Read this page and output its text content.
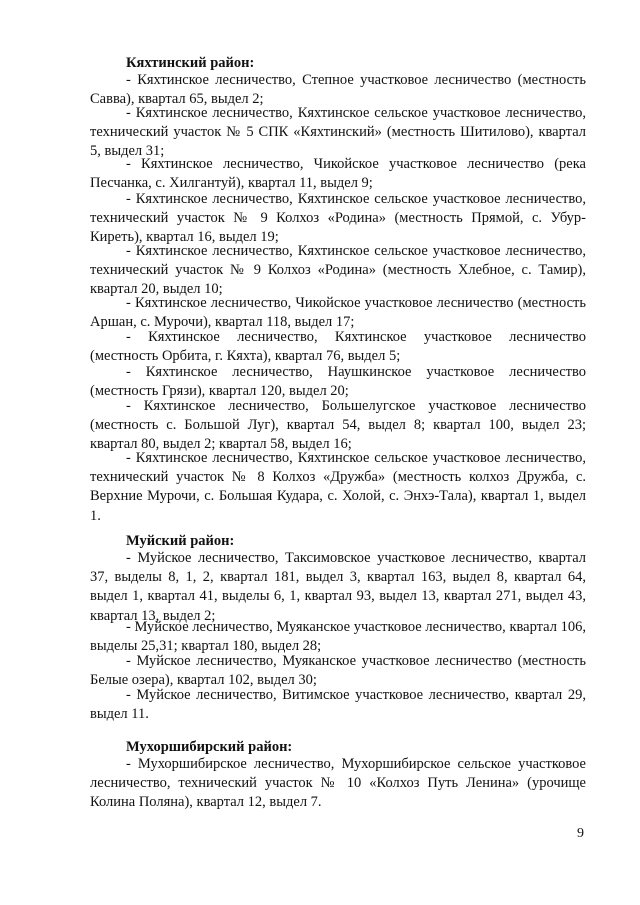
Кяхтинский район:
- Кяхтинское лесничество, Степное участковое лесничество (местность Савва), квартал 65, выдел 2;
- Кяхтинское лесничество, Кяхтинское сельское участковое лесничество, технический участок № 5 СПК «Кяхтинский» (местность Шитилово), квартал 5, выдел 31;
- Кяхтинское лесничество, Чикойское участковое лесничество (река Песчанка, с. Хилгантуй), квартал 11, выдел 9;
- Кяхтинское лесничество, Кяхтинское сельское участковое лесничество, технический участок № 9 Колхоз «Родина» (местность Прямой, с. Убур-Киреть), квартал 16, выдел 19;
- Кяхтинское лесничество, Кяхтинское сельское участковое лесничество, технический участок № 9 Колхоз «Родина» (местность Хлебное, с. Тамир), квартал 20, выдел 10;
- Кяхтинское лесничество, Чикойское участковое лесничество (местность Аршан, с. Мурочи), квартал 118, выдел 17;
- Кяхтинское лесничество, Кяхтинское участковое лесничество (местность Орбита, г. Кяхта), квартал 76, выдел 5;
- Кяхтинское лесничество, Наушкинское участковое лесничество (местность Грязи), квартал 120, выдел 20;
- Кяхтинское лесничество, Большелугское участковое лесничество (местность с. Большой Луг), квартал 54, выдел 8; квартал 100, выдел 23; квартал 80, выдел 2; квартал 58, выдел 16;
- Кяхтинское лесничество, Кяхтинское сельское участковое лесничество, технический участок № 8 Колхоз «Дружба» (местность колхоз Дружба, с. Верхние Мурочи, с. Большая Кудара, с. Холой, с. Энхэ-Тала), квартал 1, выдел 1.
Муйский район:
- Муйское лесничество, Таксимовское участковое лесничество, квартал 37, выделы 8, 1, 2, квартал 181, выдел 3, квартал 163, выдел 8, квартал 64, выдел 1, квартал 41, выделы 6, 1, квартал 93, выдел 13, квартал 271, выдел 43, квартал 13, выдел 2;
- Муйское лесничество, Муяканское участковое лесничество, квартал 106, выделы 25,31; квартал 180, выдел 28;
- Муйское лесничество, Муяканское участковое лесничество (местность Белые озера), квартал 102, выдел 30;
- Муйское лесничество, Витимское участковое лесничество, квартал 29, выдел 11.
Мухоршибирский район:
- Мухоршибирское лесничество, Мухоршибирское сельское участковое лесничество, технический участок № 10 «Колхоз Путь Ленина» (урочище Колина Поляна), квартал 12, выдел 7.
9
